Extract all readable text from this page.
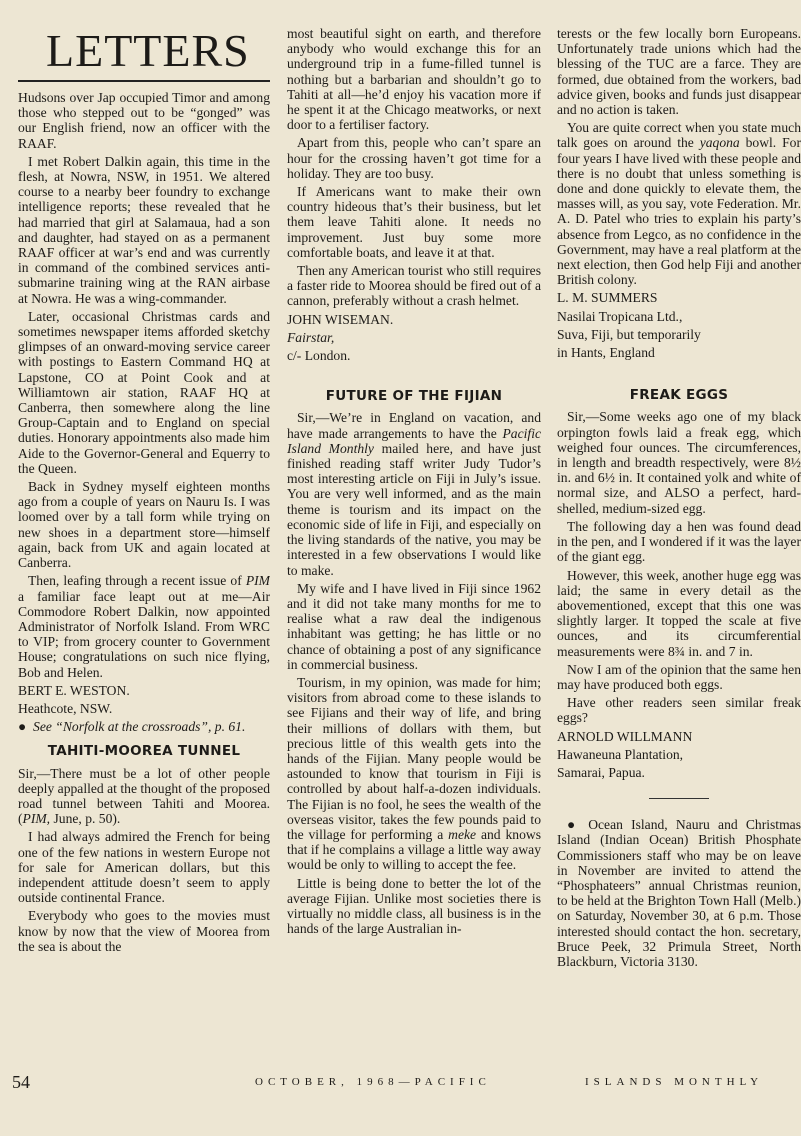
LETTERS

Hudsons over Jap occupied Timor and among those who stepped out to be “gonged” was our English friend, now an officer with the RAAF.

I met Robert Dalkin again, this time in the flesh, at Nowra, NSW, in 1951. We altered course to a nearby beer foundry to exchange intelligence reports; these revealed that he had married that girl at Salamaua, had a son and daughter, had stayed on as a permanent RAAF officer at war’s end and was currently in command of the combined services anti-submarine training wing at the RAN airbase at Nowra. He was a wing-commander.

Later, occasional Christmas cards and sometimes newspaper items afforded sketchy glimpses of an onward-moving service career with postings to Eastern Command HQ at Lapstone, CO at Point Cook and at Williamtown air station, RAAF HQ at Canberra, then somewhere along the line Group-Captain and to England on special duties. Honorary appointments also made him Aide to the Governor-General and Equerry to the Queen.

Back in Sydney myself eighteen months ago from a couple of years on Nauru Is. I was loomed over by a tall form while trying on new shoes in a department store—himself again, back from UK and again located at Canberra.

Then, leafing through a recent issue of PIM a familiar face leapt out at me—Air Commodore Robert Dalkin, now appointed Administrator of Norfolk Island. From WRC to VIP; from grocery counter to Government House; congratulations on such nice flying, Bob and Helen.

BERT E. WESTON.

Heathcote, NSW.

● See “Norfolk at the crossroads”, p. 61.

TAHITI-MOOREA TUNNEL

Sir,—There must be a lot of other people deeply appalled at the thought of the proposed road tunnel between Tahiti and Moorea. (PIM, June, p. 50).

I had always admired the French for being one of the few nations in western Europe not for sale for American dollars, but this independent attitude doesn’t seem to apply outside continental France.

Everybody who goes to the movies must know by now that the view of Moorea from the sea is about the

most beautiful sight on earth, and therefore anybody who would exchange this for an underground trip in a fume-filled tunnel is nothing but a barbarian and shouldn’t go to Tahiti at all—he’d enjoy his vacation more if he spent it at the Chicago meatworks, or next door to a fertiliser factory.

Apart from this, people who can’t spare an hour for the crossing haven’t got time for a holiday. They are too busy.

If Americans want to make their own country hideous that’s their business, but let them leave Tahiti alone. It needs no improvement. Just buy some more comfortable boats, and leave it at that.

Then any American tourist who still requires a faster ride to Moorea should be fired out of a cannon, preferably without a crash helmet.

JOHN WISEMAN.

Fairstar,

c/- London.

FUTURE OF THE FIJIAN

Sir,—We’re in England on vacation, and have made arrangements to have the Pacific Island Monthly mailed here, and have just finished reading staff writer Judy Tudor’s most interesting article on Fiji in July’s issue. You are very well informed, and as the main theme is tourism and its impact on the economic side of life in Fiji, and especially on the living standards of the native, you may be interested in a few observations I would like to make.

My wife and I have lived in Fiji since 1962 and it did not take many months for me to realise what a raw deal the indigenous inhabitant was getting; he has little or no chance of obtaining a post of any significance in commercial business.

Tourism, in my opinion, was made for him; visitors from abroad come to these islands to see Fijians and their way of life, and bring their millions of dollars with them, but precious little of this wealth gets into the hands of the Fijian. Many people would be astounded to know that tourism in Fiji is controlled by about half-a-dozen individuals. The Fijian is no fool, he sees the wealth of the overseas visitor, takes the few pounds paid to the village for performing a meke and knows that if he complains a village a little way away would be only to willing to accept the fee.

Little is being done to better the lot of the average Fijian. Unlike most societies there is virtually no middle class, all business is in the hands of the large Australian in-

terests or the few locally born Europeans. Unfortunately trade unions which had the blessing of the TUC are a farce. They are formed, due obtained from the workers, bad advice given, books and funds just disappear and no action is taken.

You are quite correct when you state much talk goes on around the yaqona bowl. For four years I have lived with these people and there is no doubt that unless something is done and done quickly to elevate them, the masses will, as you say, vote Federation. Mr. A. D. Patel who tries to explain his party’s absence from Legco, as no confidence in the Government, may have a real platform at the next election, then God help Fiji and another British colony.

L. M. SUMMERS

Nasilai Tropicana Ltd.,

Suva, Fiji, but temporarily

in Hants, England

FREAK EGGS

Sir,—Some weeks ago one of my black orpington fowls laid a freak egg, which weighed four ounces. The circumferences, in length and breadth respectively, were 8½ in. and 6½ in. It contained yolk and white of normal size, and ALSO a perfect, hard-shelled, medium-sized egg.

The following day a hen was found dead in the pen, and I wondered if it was the layer of the giant egg.

However, this week, another huge egg was laid; the same in every detail as the abovementioned, except that this one was slightly larger. It topped the scale at five ounces, and its circumferential measurements were 8¾ in. and 7 in.

Now I am of the opinion that the same hen may have produced both eggs.

Have other readers seen similar freak eggs?

ARNOLD WILLMANN

Hawaneuna Plantation,

Samarai, Papua.

● Ocean Island, Nauru and Christmas Island (Indian Ocean) British Phosphate Commissioners staff who may be on leave in November are invited to attend the “Phosphateers” annual Christmas reunion, to be held at the Brighton Town Hall (Melb.) on Saturday, November 30, at 6 p.m. Those interested should contact the hon. secretary, Bruce Peek, 32 Primula Street, North Blackburn, Victoria 3130.

54	OCTOBER, 1968—PACIFIC	ISLANDS MONTHLY
